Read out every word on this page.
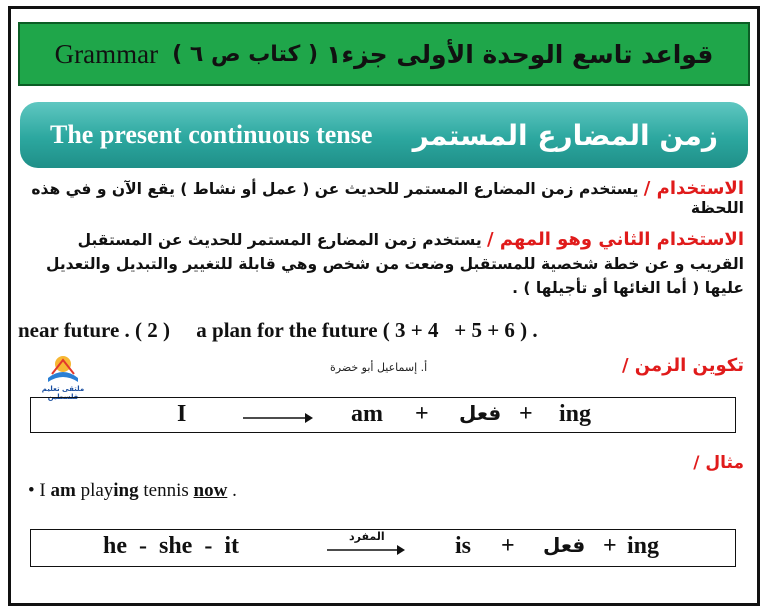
قواعد تاسع الوحدة الأولى جزء١
( كتاب ص ٦ )
Grammar
The present continuous tense زمن المضارع المستمر
الاستخدام / يستخدم زمن المضارع المستمر للحديث عن ( عمل أو نشاط ) يقع الآن و في هذه اللحظة
الاستخدام الثاني وهو المهم / يستخدم زمن المضارع المستمر للحديث عن المستقبل القريب و عن خطة شخصية للمستقبل وضعت من شخص وهي قابلة للتغيير والتبديل والتعديل عليها ( أما الغائها أو تأجيلها ) .
near future . ( 2 )     a plan for the future ( 3 + 4   + 5 + 6 ) .
ملتقى تعليم فلسطين
أ. إسماعيل أبو خضرة	تكوين الزمن /
I	am + فعل + ing
مثال /
• I am playing tennis now .
he  -  she  -  it	المفرد	is + فعل + ing
